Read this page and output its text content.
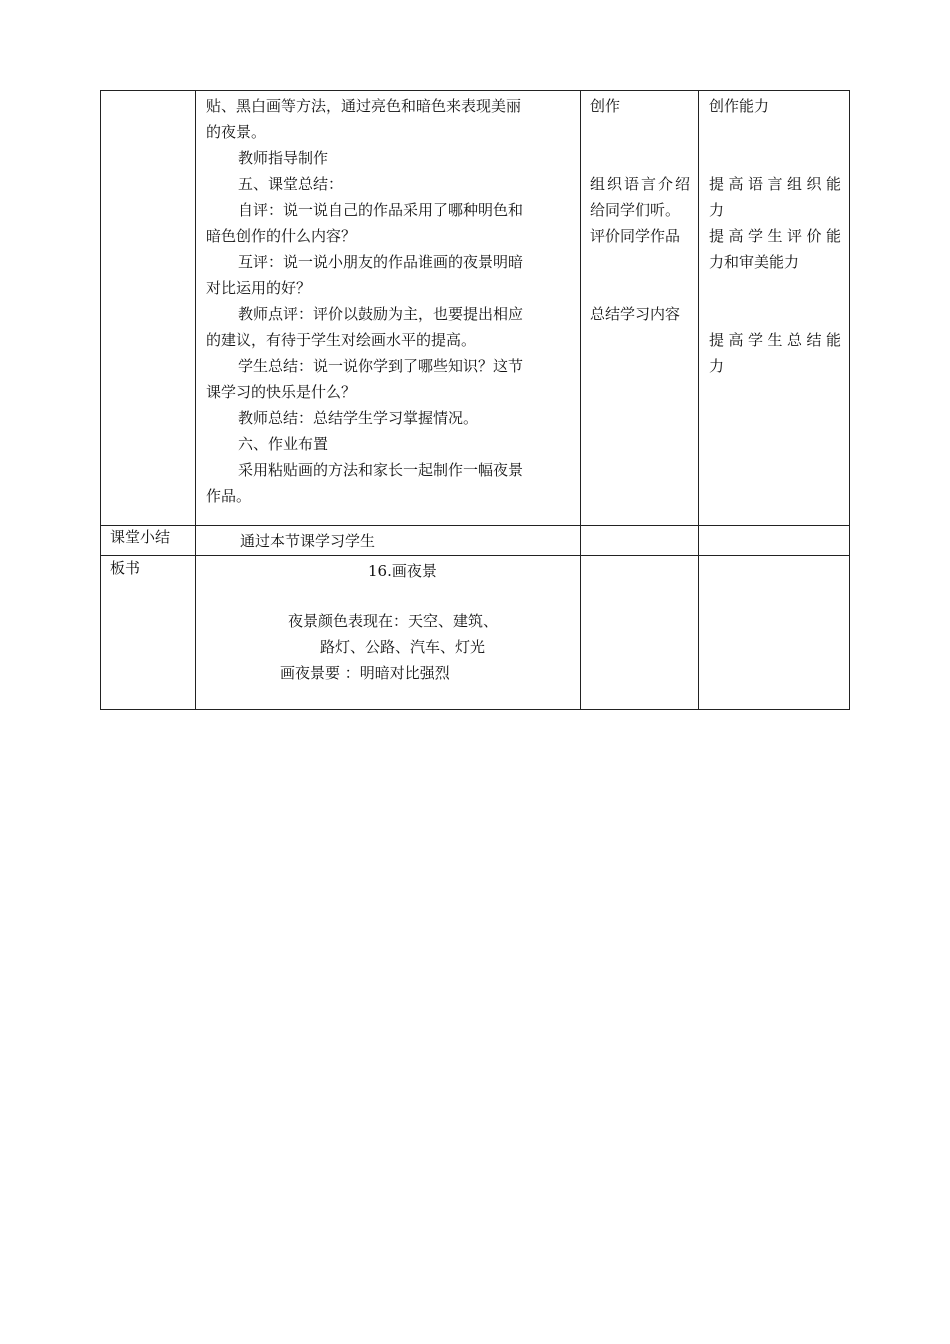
贴、黑白画等方法，通过亮色和暗色来表现美丽

的夜景。

教师指导制作

五、课堂总结：

自评：说一说自己的作品采用了哪种明色和

暗色创作的什么内容？

互评：说一说小朋友的作品谁画的夜景明暗

对比运用的好？

教师点评：评价以鼓励为主，也要提出相应

的建议，有待于学生对绘画水平的提高。

学生总结：说一说你学到了哪些知识？这节

课学习的快乐是什么？

教师总结：总结学生学习掌握情况。

六、作业布置

采用粘贴画的方法和家长一起制作一幅夜景

作品。

创作

组织语言介绍

给同学们听。

评价同学作品

总结学习内容

创作能力

提高语言组织能

力

提高学生评价能

力和审美能力

提高学生总结能

力

课堂小结	通过本节课学习学生
板书	16.画夜景
夜景颜色表现在：天空、建筑、
路灯、公路、汽车、灯光
画夜景要 ：明暗对比强烈
